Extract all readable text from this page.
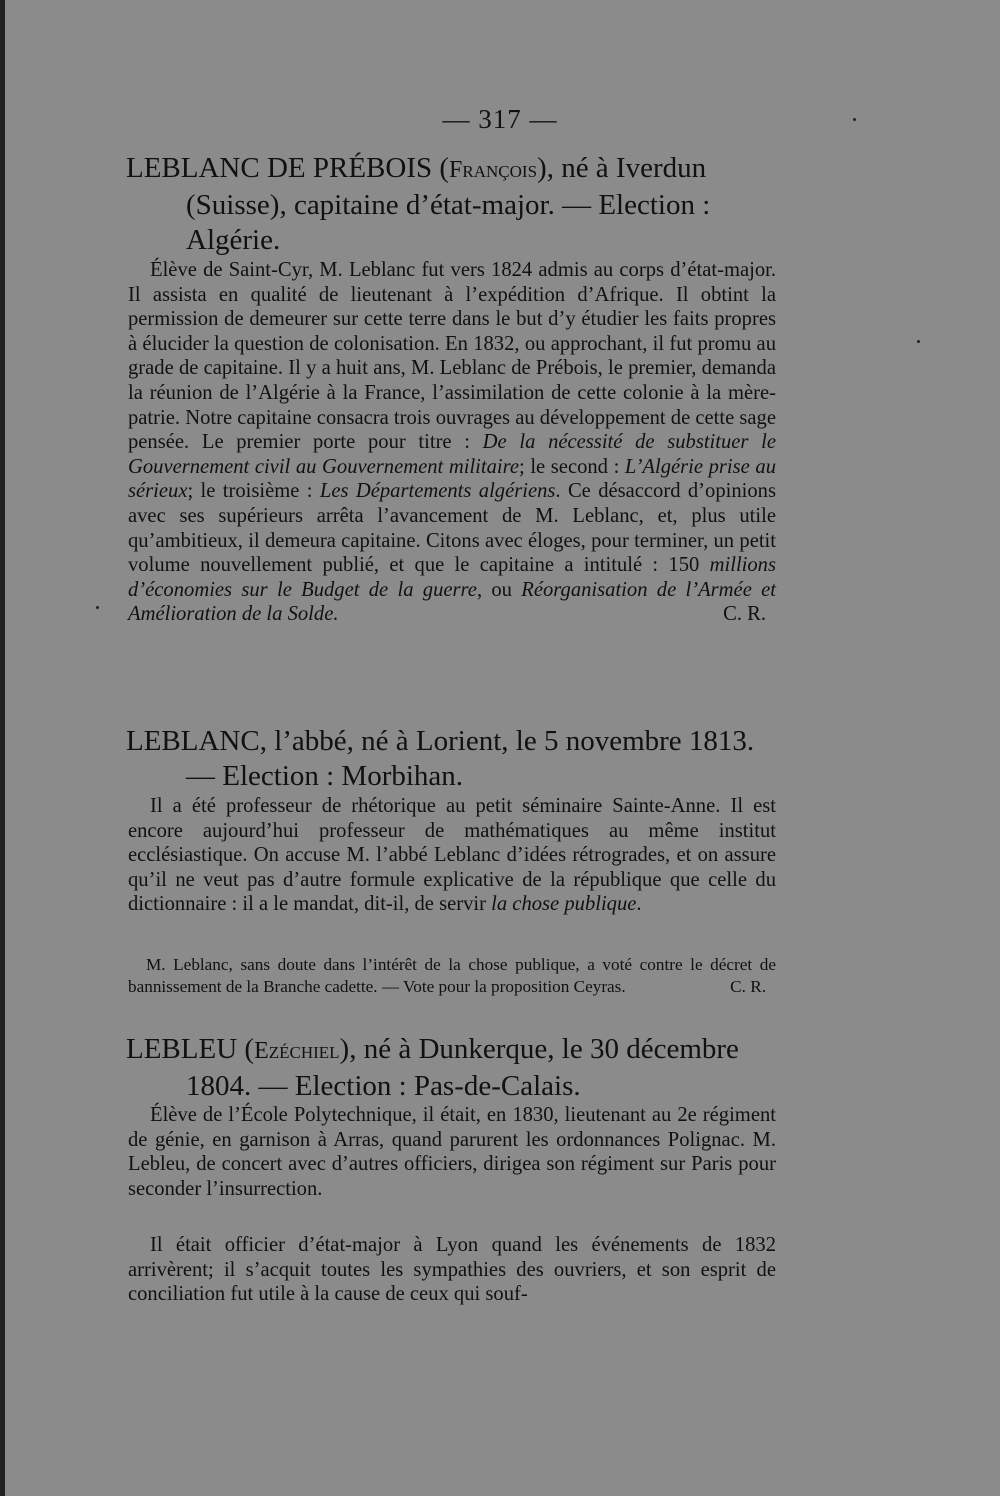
— 317 —
LEBLANC DE PRÉBOIS (François), né à Iverdun
(Suisse), capitaine d’état-major. — Election :
Algérie.

Élève de Saint-Cyr, M. Leblanc fut vers 1824 admis au corps d’état-major. Il assista en qualité de lieutenant à l’expédition d’Afrique. Il obtint la permission de demeurer sur cette terre dans le but d’y étudier les faits propres à élucider la question de colonisation. En 1832, ou approchant, il fut promu au grade de capitaine. Il y a huit ans, M. Leblanc de Prébois, le premier, demanda la réunion de l’Algérie à la France, l’assimilation de cette colonie à la mère-patrie. Notre capitaine consacra trois ouvrages au développement de cette sage pensée. Le premier porte pour titre : De la nécessité de substituer le Gouvernement civil au Gouvernement militaire; le second : L’Algérie prise au sérieux; le troisième : Les Départements algériens. Ce désaccord d’opinions avec ses supérieurs arrêta l’avancement de M. Leblanc, et, plus utile qu’ambitieux, il demeura capitaine. Citons avec éloges, pour terminer, un petit volume nouvellement publié, et que le capitaine a intitulé : 150 millions d’économies sur le Budget de la guerre, ou Réorganisation de l’Armée et Amélioration de la Solde.	C. R.

LEBLANC, l’abbé, né à Lorient, le 5 novembre 1813.
— Election : Morbihan.

Il a été professeur de rhétorique au petit séminaire Sainte-Anne. Il est encore aujourd’hui professeur de mathématiques au même institut ecclésiastique. On accuse M. l’abbé Leblanc d’idées rétrogrades, et on assure qu’il ne veut pas d’autre formule explicative de la république que celle du dictionnaire : il a le mandat, dit-il, de servir la chose publique.

M. Leblanc, sans doute dans l’intérêt de la chose publique, a voté contre le décret de bannissement de la Branche cadette. — Vote pour la proposition Ceyras.	C. R.

LEBLEU (Ezéchiel), né à Dunkerque, le 30 décembre
1804. — Election : Pas-de-Calais.

Élève de l’École Polytechnique, il était, en 1830, lieutenant au 2e régiment de génie, en garnison à Arras, quand parurent les ordonnances Polignac. M. Lebleu, de concert avec d’autres officiers, dirigea son régiment sur Paris pour seconder l’insurrection.

Il était officier d’état-major à Lyon quand les événements de 1832 arrivèrent; il s’acquit toutes les sympathies des ouvriers, et son esprit de conciliation fut utile à la cause de ceux qui souf-
